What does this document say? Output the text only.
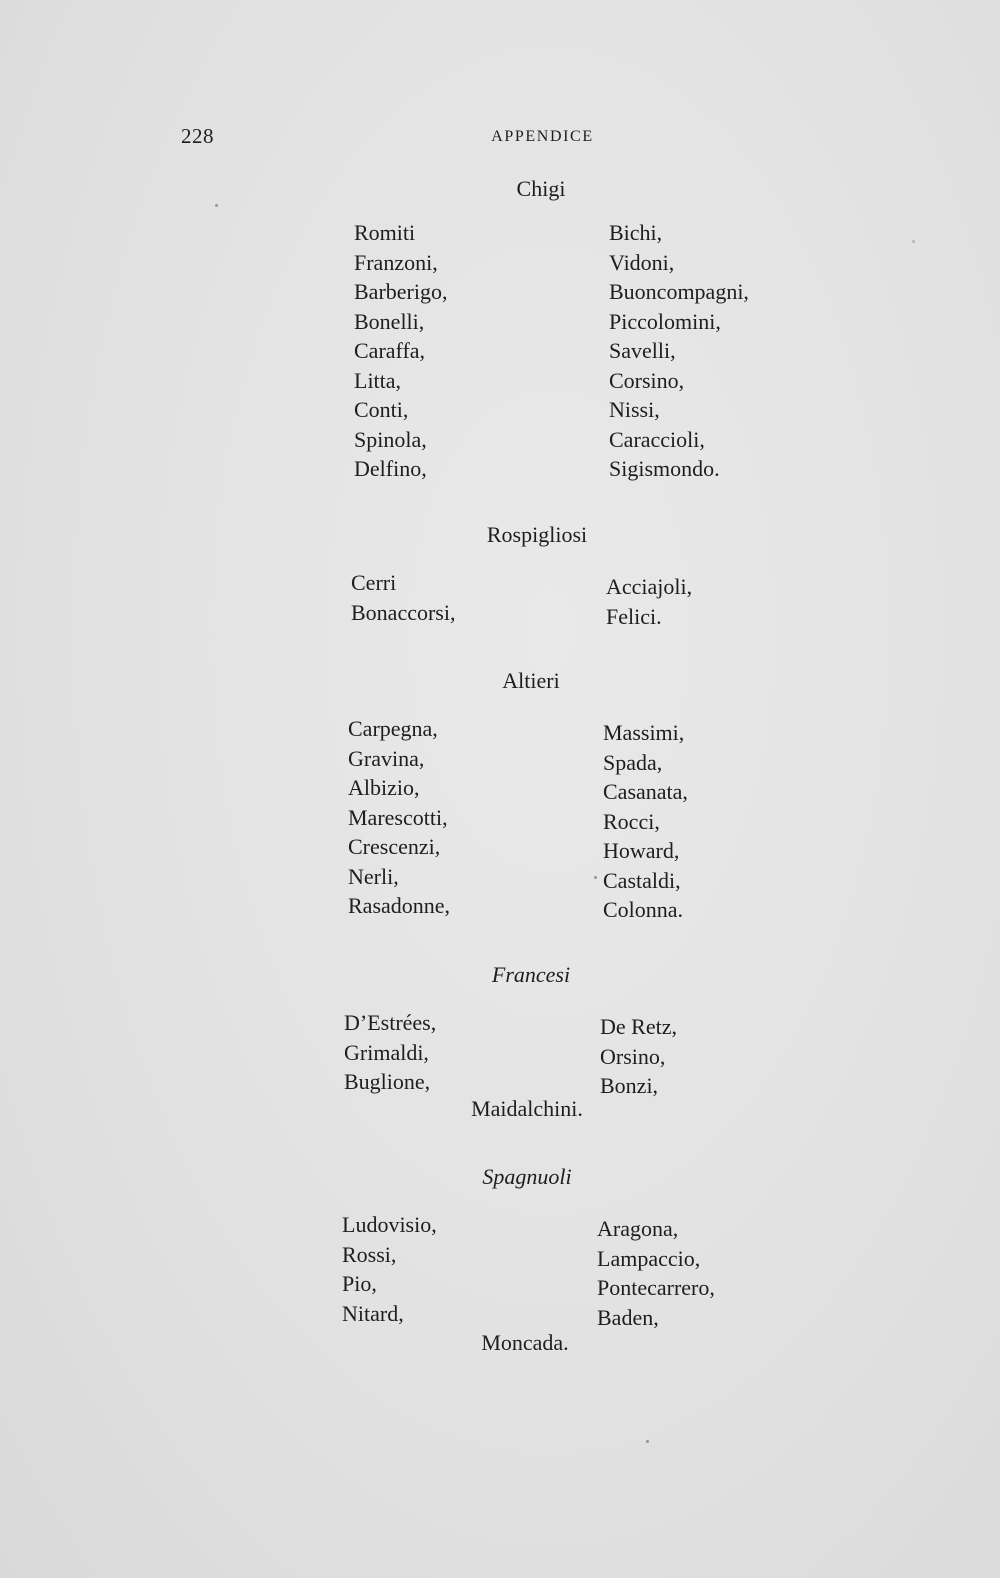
228	APPENDICE
Chigi
Romiti
Franzoni,
Barberigo,
Bonelli,
Caraffa,
Litta,
Conti,
Spinola,
Delfino,
Bichi,
Vidoni,
Buoncompagni,
Piccolomini,
Savelli,
Corsino,
Nissi,
Caraccioli,
Sigismondo.
Rospigliosi
Cerri
Bonaccorsi,
Acciajoli,
Felici.
Altieri
Carpegna,
Gravina,
Albizio,
Marescotti,
Crescenzi,
Nerli,
Rasadonne,
Massimi,
Spada,
Casanata,
Rocci,
Howard,
Castaldi,
Colonna.
Francesi
D’Estrées,
Grimaldi,
Buglione,
De Retz,
Orsino,
Bonzi,
Maidalchini.
Spagnuoli
Ludovisio,
Rossi,
Pio,
Nitard,
Aragona,
Lampaccio,
Pontecarrero,
Baden,
Moncada.
